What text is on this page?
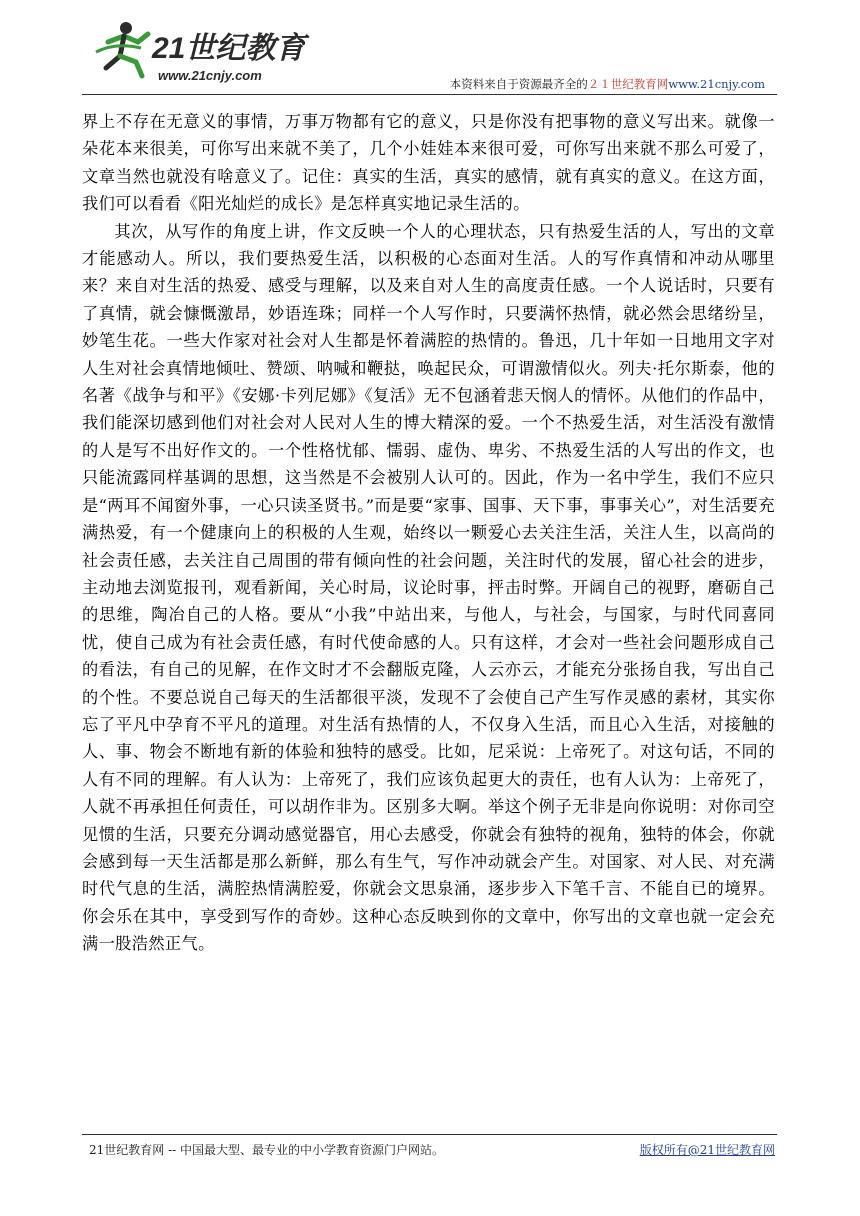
21世纪教育
www.21cnjy.com
本资料来自于资源最齐全的２１世纪教育网www.21cnjy.com

界上不存在无意义的事情，万事万物都有它的意义，只是你没有把事物的意义写出来。就像一朵花本来很美，可你写出来就不美了，几个小娃娃本来很可爱，可你写出来就不那么可爱了，文章当然也就没有啥意义了。记住：真实的生活，真实的感情，就有真实的意义。在这方面，我们可以看看《阳光灿烂的成长》是怎样真实地记录生活的。

其次，从写作的角度上讲，作文反映一个人的心理状态，只有热爱生活的人，写出的文章才能感动人。所以，我们要热爱生活，以积极的心态面对生活。人的写作真情和冲动从哪里来？来自对生活的热爱、感受与理解，以及来自对人生的高度责任感。一个人说话时，只要有了真情，就会慷慨激昂，妙语连珠；同样一个人写作时，只要满怀热情，就必然会思绪纷呈，妙笔生花。一些大作家对社会对人生都是怀着满腔的热情的。鲁迅，几十年如一日地用文字对人生对社会真情地倾吐、赞颂、呐喊和鞭挞，唤起民众，可谓激情似火。列夫·托尔斯泰，他的名著《战争与和平》《安娜·卡列尼娜》《复活》无不包涵着悲天悯人的情怀。从他们的作品中，我们能深切感到他们对社会对人民对人生的博大精深的爱。一个不热爱生活，对生活没有激情的人是写不出好作文的。一个性格忧郁、懦弱、虚伪、卑劣、不热爱生活的人写出的作文，也只能流露同样基调的思想，这当然是不会被别人认可的。因此，作为一名中学生，我们不应只是“两耳不闻窗外事，一心只读圣贤书。”而是要“家事、国事、天下事，事事关心”，对生活要充满热爱，有一个健康向上的积极的人生观，始终以一颗爱心去关注生活，关注人生，以高尚的社会责任感，去关注自己周围的带有倾向性的社会问题，关注时代的发展，留心社会的进步，主动地去浏览报刊，观看新闻，关心时局，议论时事，抨击时弊。开阔自己的视野，磨砺自己的思维，陶冶自己的人格。要从“小我”中站出来，与他人，与社会，与国家，与时代同喜同忧，使自己成为有社会责任感，有时代使命感的人。只有这样，才会对一些社会问题形成自己的看法，有自己的见解，在作文时才不会翻版克隆，人云亦云，才能充分张扬自我，写出自己的个性。不要总说自己每天的生活都很平淡，发现不了会使自己产生写作灵感的素材，其实你忘了平凡中孕育不平凡的道理。对生活有热情的人，不仅身入生活，而且心入生活，对接触的人、事、物会不断地有新的体验和独特的感受。比如，尼采说：上帝死了。对这句话，不同的人有不同的理解。有人认为：上帝死了，我们应该负起更大的责任，也有人认为：上帝死了，人就不再承担任何责任，可以胡作非为。区别多大啊。举这个例子无非是向你说明：对你司空见惯的生活，只要充分调动感觉器官，用心去感受，你就会有独特的视角，独特的体会，你就会感到每一天生活都是那么新鲜，那么有生气，写作冲动就会产生。对国家、对人民、对充满时代气息的生活，满腔热情满腔爱，你就会文思泉涌，逐步步入下笔千言、不能自已的境界。你会乐在其中，享受到写作的奇妙。这种心态反映到你的文章中，你写出的文章也就一定会充满一股浩然正气。

21世纪教育网 -- 中国最大型、最专业的中小学教育资源门户网站。	版权所有@21世纪教育网
